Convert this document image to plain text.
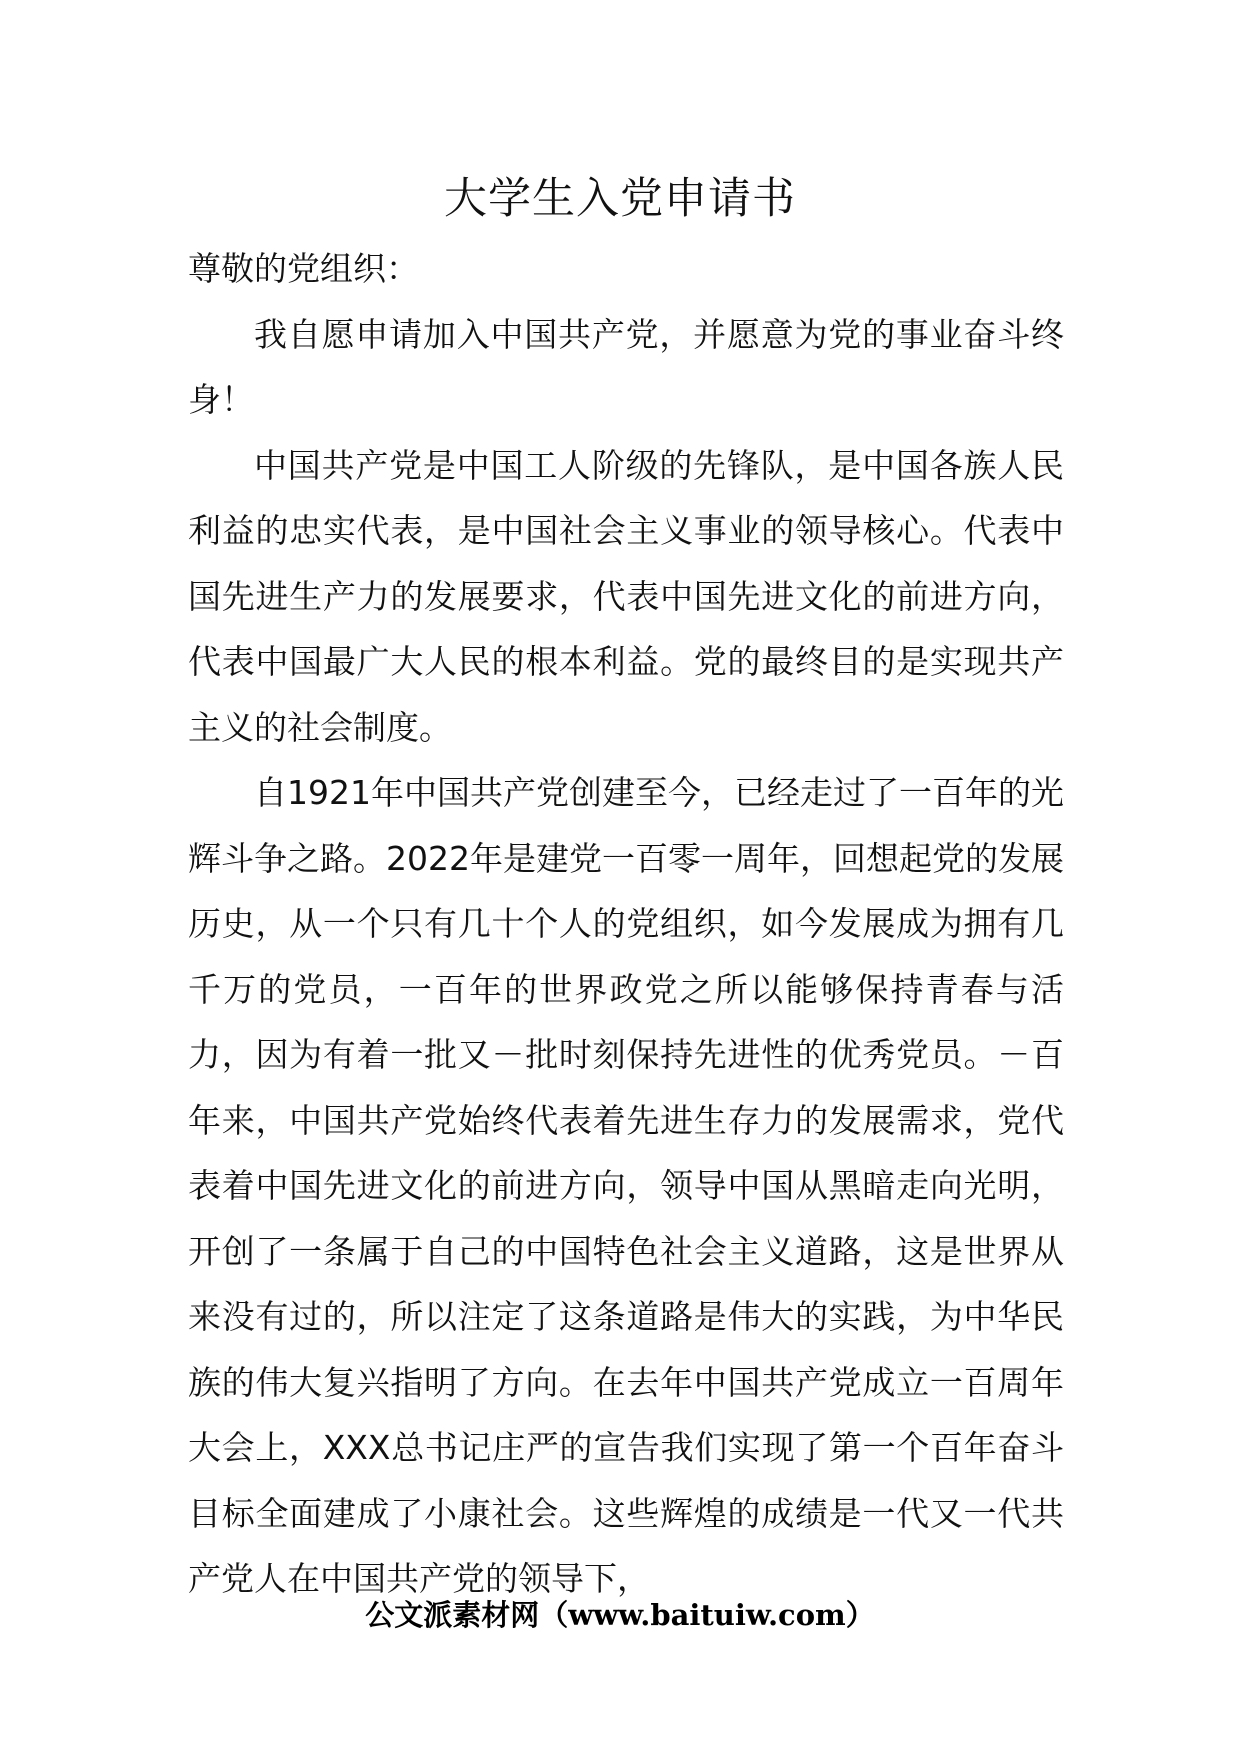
大学生入党申请书

尊敬的党组织：

我自愿申请加入中国共产党，并愿意为党的事业奋斗终身！

中国共产党是中国工人阶级的先锋队，是中国各族人民利益的忠实代表，是中国社会主义事业的领导核心。代表中国先进生产力的发展要求，代表中国先进文化的前进方向，代表中国最广大人民的根本利益。党的最终目的是实现共产主义的社会制度。

自1921年中国共产党创建至今，已经走过了一百年的光辉斗争之路。2022年是建党一百零一周年，回想起党的发展历史，从一个只有几十个人的党组织，如今发展成为拥有几千万的党员，一百年的世界政党之所以能够保持青春与活力，因为有着一批又－批时刻保持先进性的优秀党员。－百年来，中国共产党始终代表着先进生存力的发展需求，党代表着中国先进文化的前进方向，领导中国从黑暗走向光明，开创了一条属于自己的中国特色社会主义道路，这是世界从来没有过的，所以注定了这条道路是伟大的实践，为中华民族的伟大复兴指明了方向。在去年中国共产党成立一百周年大会上，XXX总书记庄严的宣告我们实现了第一个百年奋斗目标全面建成了小康社会。这些辉煌的成绩是一代又一代共产党人在中国共产党的领导下，

公文派素材网（www.baituiw.com）
